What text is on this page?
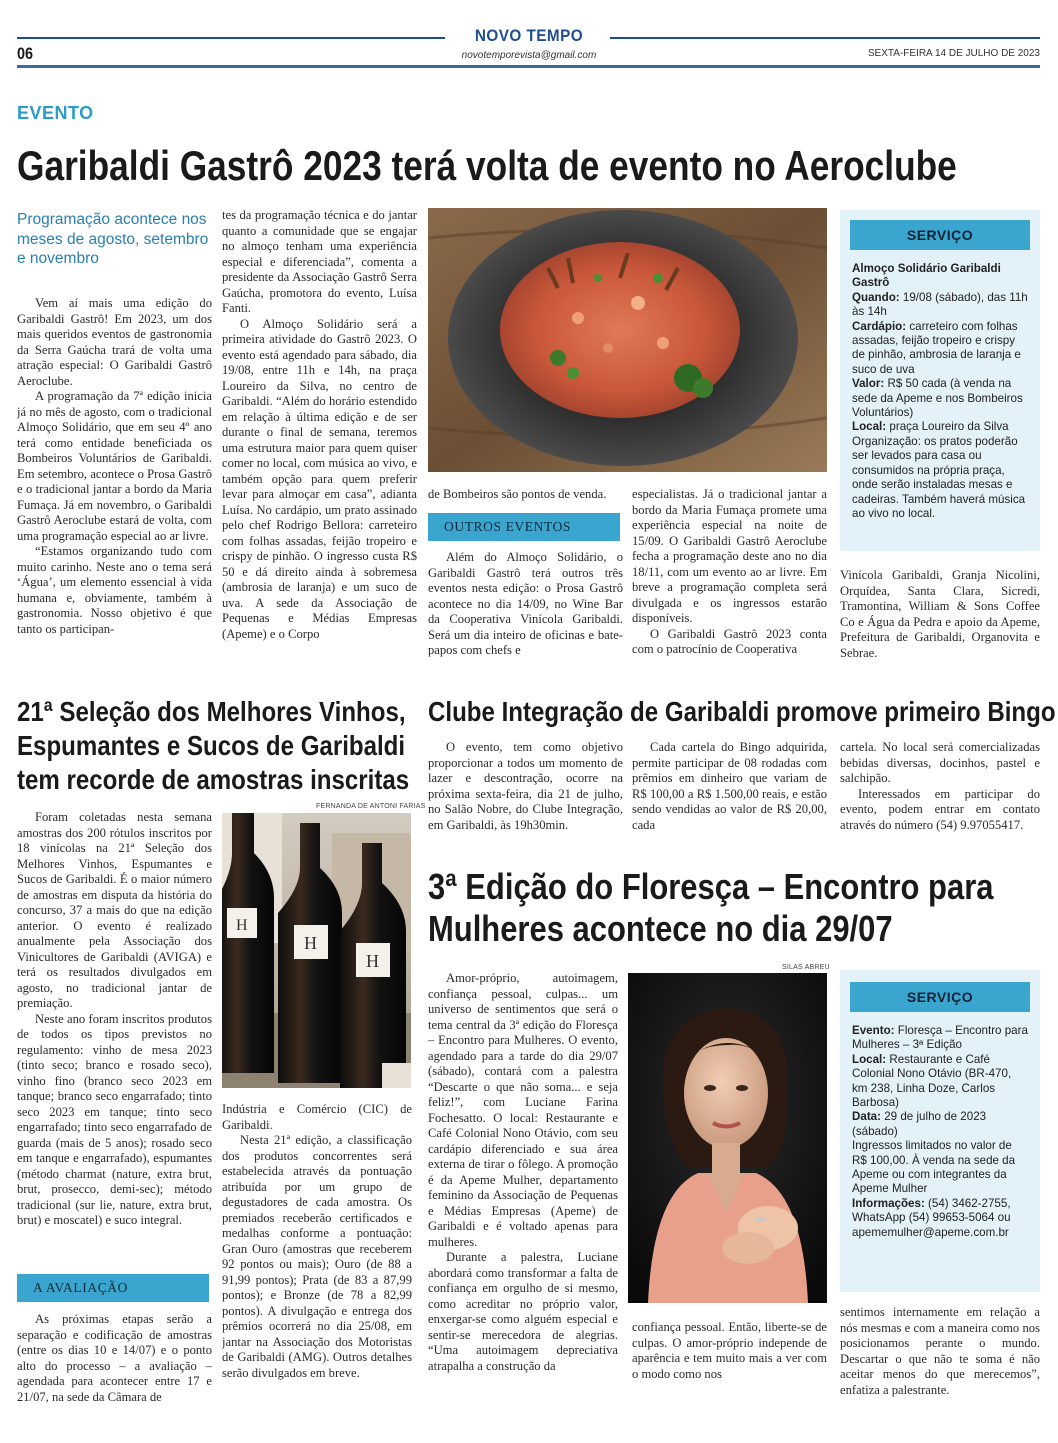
06
NOVO TEMPO
novotemporevista@gmail.com	SEXTA-FEIRA 14 DE JULHO DE 2023
EVENTO
Garibaldi Gastrô 2023 terá volta de evento no Aeroclube
Programação acontece nos meses de agosto, setembro e novembro

Vem aí mais uma edição do Garibaldi Gastrô! Em 2023, um dos mais queridos eventos de gastronomia da Serra Gaúcha trará de volta uma atração especial: O Garibaldi Gastrô Aeroclube.

A programação da 7ª edição inicia já no mês de agosto, com o tradicional Almoço Solidário, que em seu 4º ano terá como entidade beneficiada os Bombeiros Voluntários de Garibaldi. Em setembro, acontece o Prosa Gastrô e o tradicional jantar a bordo da Maria Fumaça. Já em novembro, o Garibaldi Gastrô Aeroclube estará de volta, com uma programação especial ao ar livre.

“Estamos organizando tudo com muito carinho. Neste ano o tema será ‘Água’, um elemento essencial à vida humana e, obviamente, também à gastronomia. Nosso objetivo é que tanto os participan-

tes da programação técnica e do jantar quanto a comunidade que se engajar no almoço tenham uma experiência especial e diferenciada”, comenta a presidente da Associação Gastrô Serra Gaúcha, promotora do evento, Luísa Fanti.

O Almoço Solidário será a primeira atividade do Gastrô 2023. O evento está agendado para sábado, dia 19/08, entre 11h e 14h, na praça Loureiro da Silva, no centro de Garibaldi. “Além do horário estendido em relação à última edição e de ser durante o final de semana, teremos uma estrutura maior para quem quiser comer no local, com música ao vivo, e também opção para quem preferir levar para almoçar em casa”, adianta Luísa. No cardápio, um prato assinado pelo chef Rodrigo Bellora: carreteiro com folhas assadas, feijão tropeiro e crispy de pinhão. O ingresso custa R$ 50 e dá direito ainda à sobremesa (ambrosia de laranja) e um suco de uva. A sede da Associação de Pequenas e Médias Empresas (Apeme) e o Corpo

de Bombeiros são pontos de venda.

OUTROS EVENTOS

Além do Almoço Solidário, o Garibaldi Gastrô terá outros três eventos nesta edição: o Prosa Gastrô acontece no dia 14/09, no Wine Bar da Cooperativa Vinícola Garibaldi. Será um dia inteiro de oficinas e bate-papos com chefs e

especialistas. Já o tradicional jantar a bordo da Maria Fumaça promete uma experiência especial na noite de 15/09. O Garibaldi Gastrô Aeroclube fecha a programação deste ano no dia 18/11, com um evento ao ar livre. Em breve a programação completa será divulgada e os ingressos estarão disponíveis.

O Garibaldi Gastrô 2023 conta com o patrocínio de Cooperativa

SERVIÇO
Almoço Solidário Garibaldi Gastrô
Quando: 19/08 (sábado), das 11h às 14h
Cardápio: carreteiro com folhas assadas, feijão tropeiro e crispy de pinhão, ambrosia de laranja e suco de uva
Valor: R$ 50 cada (à venda na sede da Apeme e nos Bombeiros Voluntários)
Local: praça Loureiro da Silva
Organização: os pratos poderão ser levados para casa ou consumidos na própria praça, onde serão instaladas mesas e cadeiras. Também haverá música ao vivo no local.

Vinícola Garibaldi, Granja Nicolini, Orquídea, Santa Clara, Sicredi, Tramontina, William & Sons Coffee Co e Água da Pedra e apoio da Apeme, Prefeitura de Garibaldi, Organovita e Sebrae.

21ª Seleção dos Melhores Vinhos,
Espumantes e Sucos de Garibaldi
tem recorde de amostras inscritas

Foram coletadas nesta semana amostras dos 200 rótulos inscritos por 18 vinícolas na 21ª Seleção dos Melhores Vinhos, Espumantes e Sucos de Garibaldi. É o maior número de amostras em disputa da história do concurso, 37 a mais do que na edição anterior. O evento é realizado anualmente pela Associação dos Vinicultores de Garibaldi (AVIGA) e terá os resultados divulgados em agosto, no tradicional jantar de premiação.

Neste ano foram inscritos produtos de todos os tipos previstos no regulamento: vinho de mesa 2023 (tinto seco; branco e rosado seco), vinho fino (branco seco 2023 em tanque; branco seco engarrafado; tinto seco 2023 em tanque; tinto seco engarrafado; tinto seco engarrafado de guarda (mais de 5 anos); rosado seco em tanque e engarrafado), espumantes (método charmat (nature, extra brut, brut, prosecco, demi-sec); método tradicional (sur lie, nature, extra brut, brut) e moscatel) e suco integral.

A AVALIAÇÃO

As próximas etapas serão a separação e codificação de amostras (entre os dias 10 e 14/07) e o ponto alto do processo – a avaliação – agendada para acontecer entre 17 e 21/07, na sede da Câmara de

FERNANDA DE ANTONI FARIAS
H
H
H

Indústria e Comércio (CIC) de Garibaldi.

Nesta 21ª edição, a classificação dos produtos concorrentes será estabelecida através da pontuação atribuída por um grupo de degustadores de cada amostra. Os premiados receberão certificados e medalhas conforme a pontuação: Gran Ouro (amostras que receberem 92 pontos ou mais); Ouro (de 88 a 91,99 pontos); Prata (de 83 a 87,99 pontos); e Bronze (de 78 a 82,99 pontos). A divulgação e entrega dos prêmios ocorrerá no dia 25/08, em jantar na Associação dos Motoristas de Garibaldi (AMG). Outros detalhes serão divulgados em breve.

Clube Integração de Garibaldi promove primeiro Bingo

O evento, tem como objetivo proporcionar a todos um momento de lazer e descontração, ocorre na próxima sexta-feira, dia 21 de julho, no Salão Nobre, do Clube Integração, em Garibaldi, às 19h30min.

Cada cartela do Bingo adquirida, permite participar de 08 rodadas com prêmios em dinheiro que variam de R$ 100,00 a R$ 1.500,00 reais, e estão sendo vendidas ao valor de R$ 20,00, cada

cartela. No local será comercializadas bebidas diversas, docinhos, pastel e salchipão.

Interessados em participar do evento, podem entrar em contato através do número (54) 9.97055417.

3ª Edição do Floresça – Encontro para
Mulheres acontece no dia 29/07

Amor-próprio, autoimagem, confiança pessoal, culpas... um universo de sentimentos que será o tema central da 3ª edição do Floresça – Encontro para Mulheres. O evento, agendado para a tarde do dia 29/07 (sábado), contará com a palestra “Descarte o que não soma... e seja feliz!”, com Luciane Farina Fochesatto. O local: Restaurante e Café Colonial Nono Otávio, com seu cardápio diferenciado e sua área externa de tirar o fôlego. A promoção é da Apeme Mulher, departamento feminino da Associação de Pequenas e Médias Empresas (Apeme) de Garibaldi e é voltado apenas para mulheres.

Durante a palestra, Luciane abordará como transformar a falta de confiança em orgulho de si mesmo, como acreditar no próprio valor, enxergar-se como alguém especial e sentir-se merecedora de alegrias. “Uma autoimagem depreciativa atrapalha a construção da

SILAS ABREU
SERVIÇO
Evento: Floresça – Encontro para Mulheres – 3ª Edição
Local: Restaurante e Café Colonial Nono Otávio (BR-470, km 238, Linha Doze, Carlos Barbosa)
Data: 29 de julho de 2023 (sábado)
Ingressos limitados no valor de R$ 100,00. À venda na sede da Apeme ou com integrantes da Apeme Mulher
Informações: (54) 3462-2755, WhatsApp (54) 99653-5064 ou apememulher@apeme.com.br

confiança pessoal. Então, liberte-se de culpas. O amor-próprio independe de aparência e tem muito mais a ver com o modo como nos

sentimos internamente em relação a nós mesmas e com a maneira como nos posicionamos perante o mundo. Descartar o que não te soma é não aceitar menos do que merecemos”, enfatiza a palestrante.
